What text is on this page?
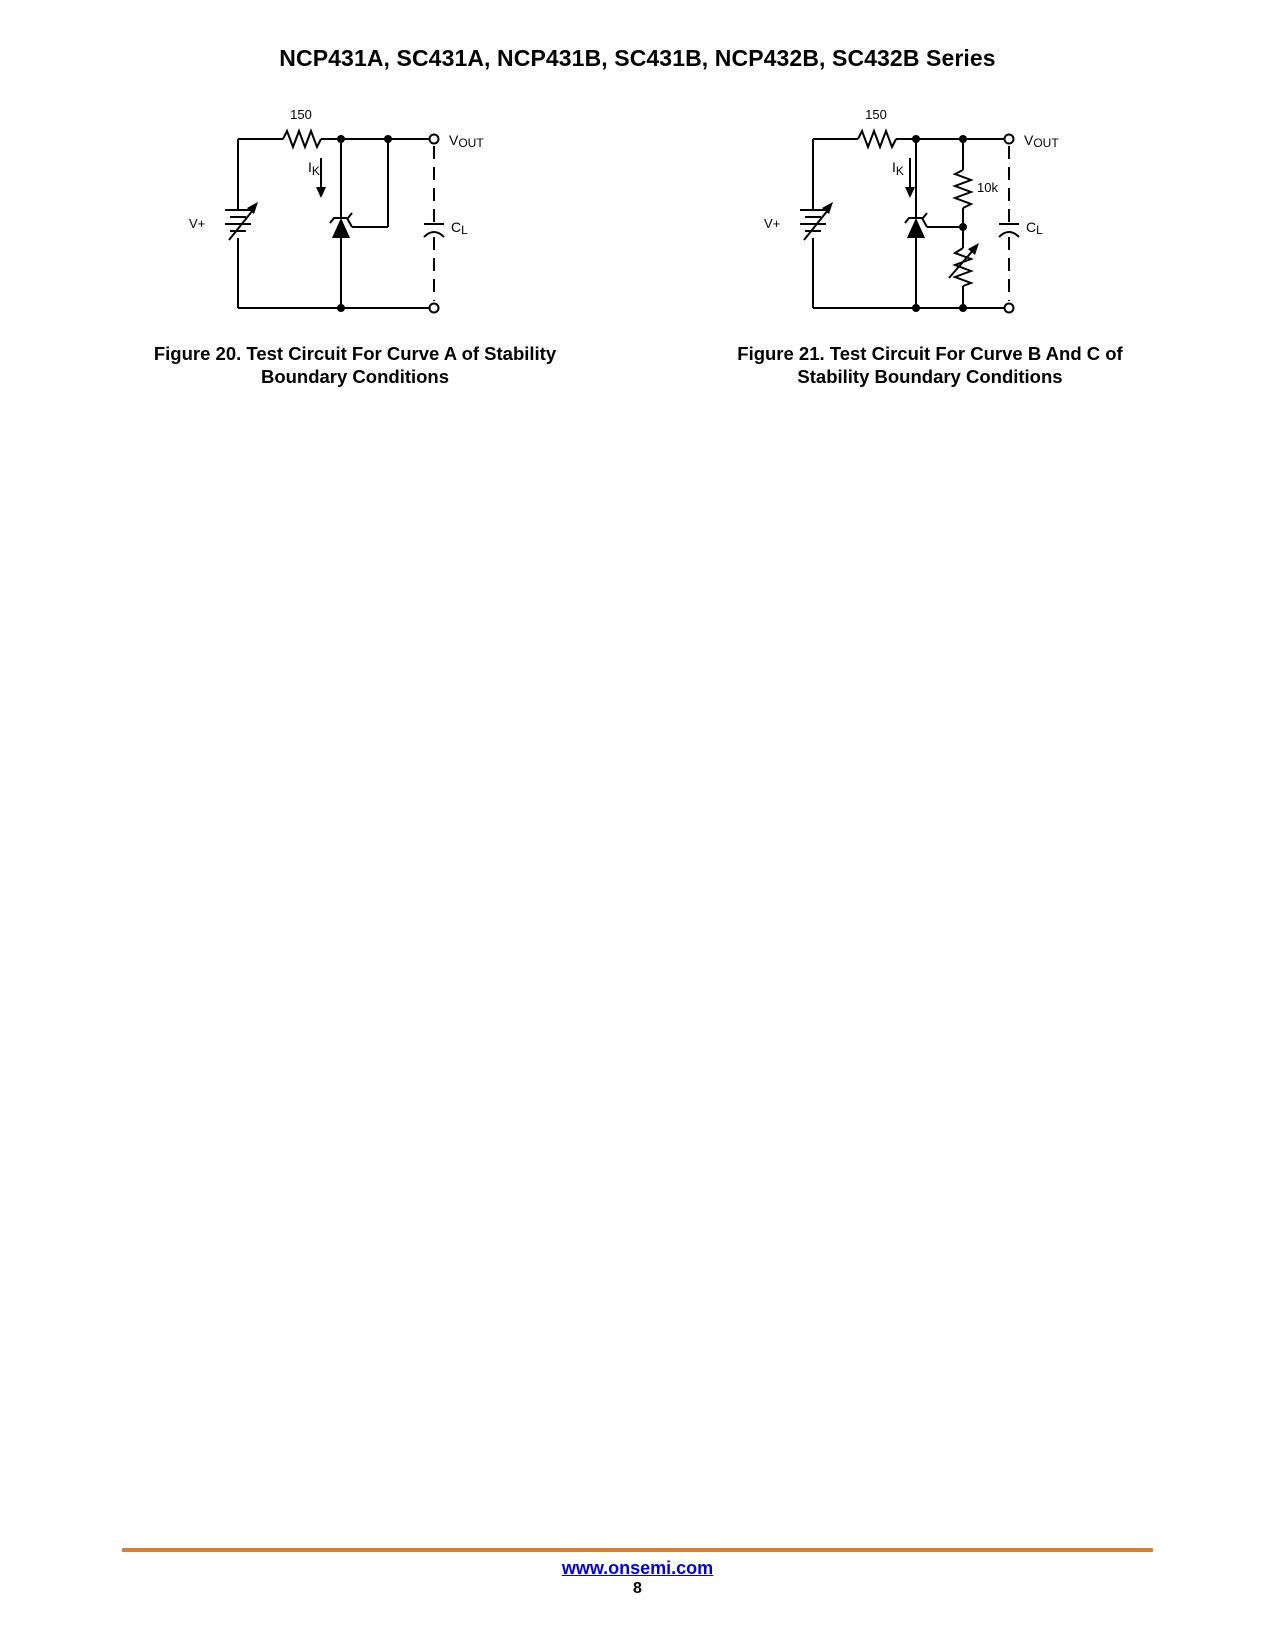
NCP431A, SC431A, NCP431B, SC431B, NCP432B, SC432B Series
150
V+
IK
VOUT
CL
Figure 20. Test Circuit For Curve A of Stability
Boundary Conditions
150
10k
V+
IK
VOUT
CL
Figure 21. Test Circuit For Curve B And C of
Stability Boundary Conditions
www.onsemi.com
8
